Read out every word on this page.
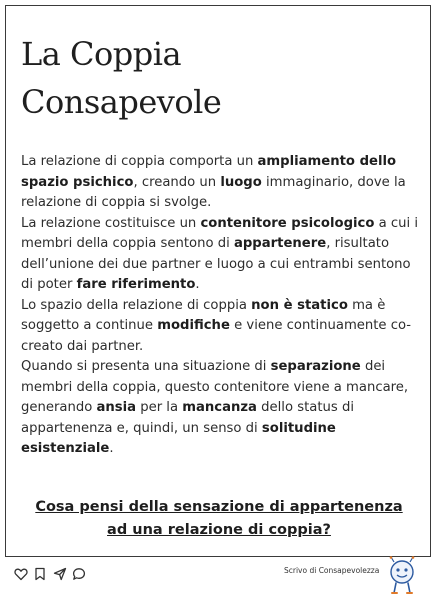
La Coppia
Consapevole

La relazione di coppia comporta un ampliamento dello spazio psichico, creando un luogo immaginario, dove la relazione di coppia si svolge.

La relazione costituisce un contenitore psicologico a cui i membri della coppia sentono di appartenere, risultato dell’unione dei due partner e luogo a cui entrambi sentono di poter fare riferimento.

Lo spazio della relazione di coppia non è statico ma è soggetto a continue modifiche e viene continuamente co-creato dai partner.

Quando si presenta una situazione di separazione dei membri della coppia, questo contenitore viene a mancare, generando ansia per la mancanza dello status di appartenenza e, quindi, un senso di solitudine esistenziale.

Cosa pensi della sensazione di appartenenza
ad una relazione di coppia?
Scrivo di Consapevolezza
